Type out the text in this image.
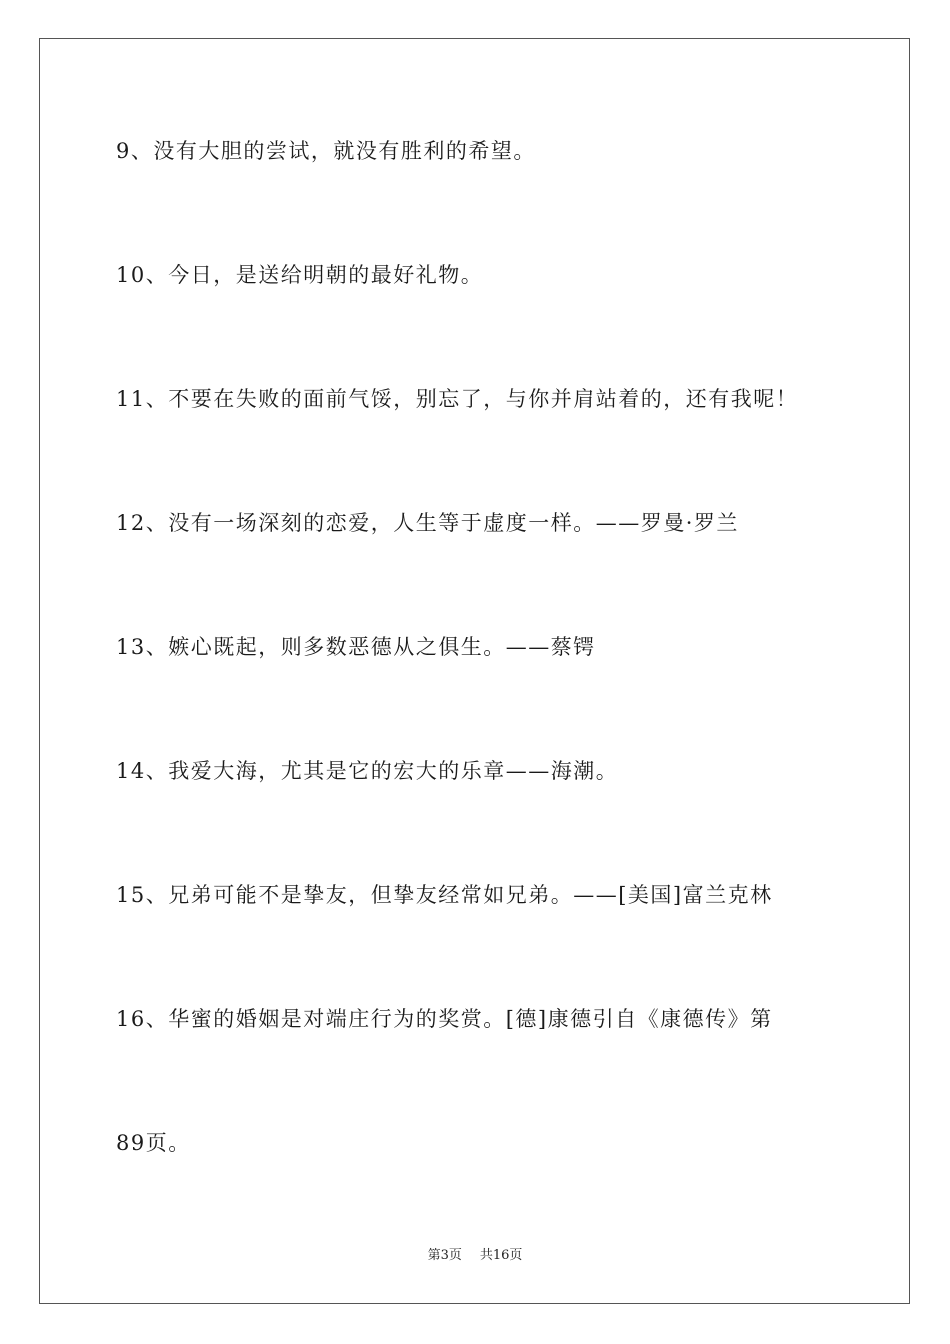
9、没有大胆的尝试，就没有胜利的希望。
10、今日，是送给明朝的最好礼物。
11、不要在失败的面前气馁，别忘了，与你并肩站着的，还有我呢！
12、没有一场深刻的恋爱，人生等于虚度一样。——罗曼·罗兰
13、嫉心既起，则多数恶德从之俱生。——蔡锷
14、我爱大海，尤其是它的宏大的乐章——海潮。
15、兄弟可能不是挚友，但挚友经常如兄弟。——[美国]富兰克林
16、华蜜的婚姻是对端庄行为的奖赏。[德]康德引自《康德传》第
89页。
第3页 共16页
